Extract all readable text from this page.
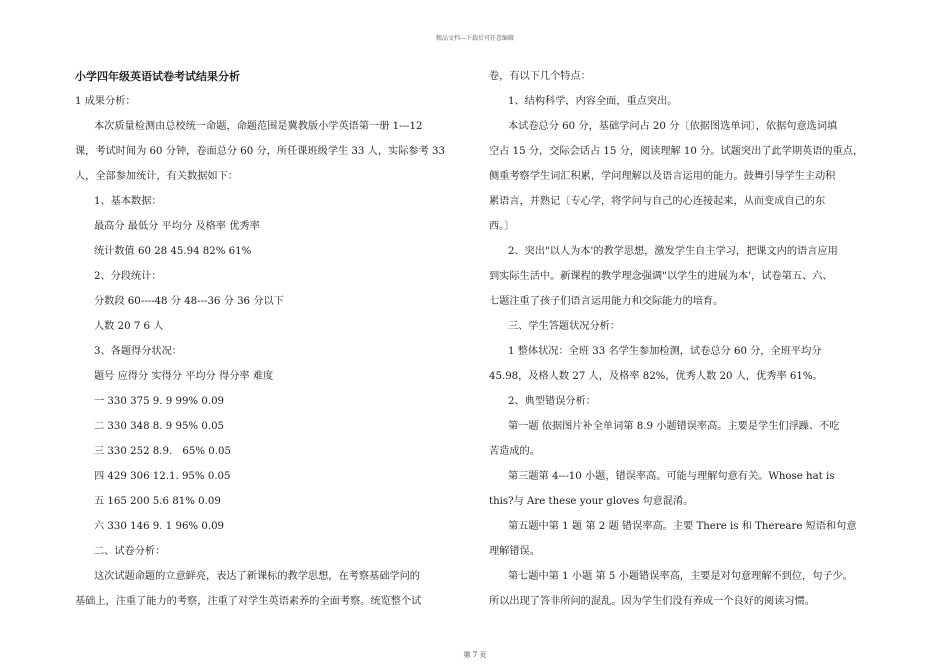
精品文档---下载后可任意编辑
小学四年级英语试卷考试结果分析
1 成果分析：
本次质量检测由总校统一命题，命题范围是冀教版小学英语第一册 1---12
课，考试时间为 60 分钟，卷面总分 60 分，所任课班级学生 33 人，实际参考 33
人，全部参加统计，有关数据如下：
1、基本数据：
最高分 最低分 平均分 及格率 优秀率
统计数值 60 28 45.94 82% 61%
2、分段统计：
分数段 60----48 分 48---36 分 36 分以下
人数 20 7 6 人
3、各题得分状况：
题号 应得分 实得分 平均分 得分率 难度
一 330 375 9. 9 99% 0.09
二 330 348 8. 9 95% 0.05
三 330 252 8.9.　65% 0.05
四 429 306 12.1. 95% 0.05
五 165 200 5.6 81% 0.09
六 330 146 9. 1 96% 0.09
二、试卷分析：
这次试题命题的立意鲜亮，表达了新课标的教学思想，在考察基础学问的
基础上，注重了能力的考察，注重了对学生英语素养的全面考察。统览整个试
卷，有以下几个特点：
1、结构科学，内容全面，重点突出。
本试卷总分 60 分，基础学问占 20 分〔依据图选单词〕，依据句意选词填
空占 15 分，交际会话占 15 分，阅读理解 10 分。试题突出了此学期英语的重点，
侧重考察学生词汇积累，学问理解以及语言运用的能力。鼓舞引导学生主动积
累语言，并熟记〔专心学，将学问与自己的心连接起来，从而变成自己的东
西。〕
2、突出"以人为本'的教学思想，激发学生自主学习，把课文内的语言应用
到实际生活中。新课程的教学理念强调"以学生的进展为本'，试卷第五、六、
七题注重了孩子们语言运用能力和交际能力的培育。
三、学生答题状况分析：
1 整体状况：全班 33 名学生参加检测，试卷总分 60 分，全班平均分
45.98，及格人数 27 人，及格率 82%，优秀人数 20 人，优秀率 61%。
2、典型错误分析：
第一题 依据图片补全单词第 8.9 小题错误率高。主要是学生们浮躁、不吃
苦造成的。
第三题第 4---10 小题，错误率高。可能与理解句意有关。Whose hat is
this?与 Are these your gloves 句意混淆。
第五题中第 1 题 第 2 题 错误率高。主要 There is 和 Thereare 短语和句意
理解错误。
第七题中第 1 小题 第 5 小题错误率高，主要是对句意理解不到位，句子少。
所以出现了答非所问的混乱。因为学生们没有养成一个良好的阅读习惯。
第 7 页
